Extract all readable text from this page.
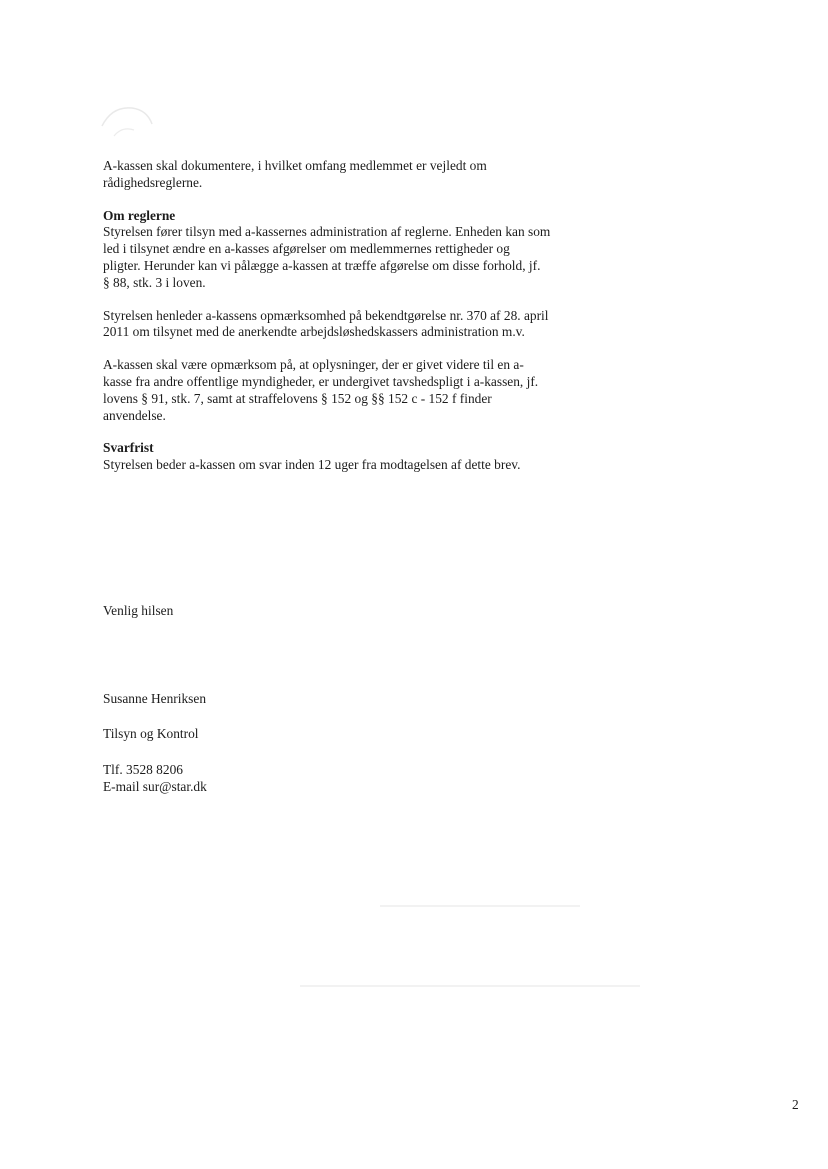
A-kassen skal dokumentere, i hvilket omfang medlemmet er vejledt om
rådighedsreglerne.
Om reglerne
Styrelsen fører tilsyn med a-kassernes administration af reglerne. Enheden kan som
led i tilsynet ændre en a-kasses afgørelser om medlemmernes rettigheder og
pligter. Herunder kan vi pålægge a-kassen at træffe afgørelse om disse forhold, jf.
§ 88, stk. 3 i loven.
Styrelsen henleder a-kassens opmærksomhed på bekendtgørelse nr. 370 af 28. april
2011 om tilsynet med de anerkendte arbejdsløshedskassers administration m.v.
A-kassen skal være opmærksom på, at oplysninger, der er givet videre til en a-
kasse fra andre offentlige myndigheder, er undergivet tavshedspligt i a-kassen, jf.
lovens § 91, stk. 7, samt at straffelovens § 152 og §§ 152 c - 152 f finder
anvendelse.
Svarfrist
Styrelsen beder a-kassen om svar inden 12 uger fra modtagelsen af dette brev.
Venlig hilsen
Susanne Henriksen
Tilsyn og Kontrol
Tlf. 3528 8206
E-mail sur@star.dk
2
